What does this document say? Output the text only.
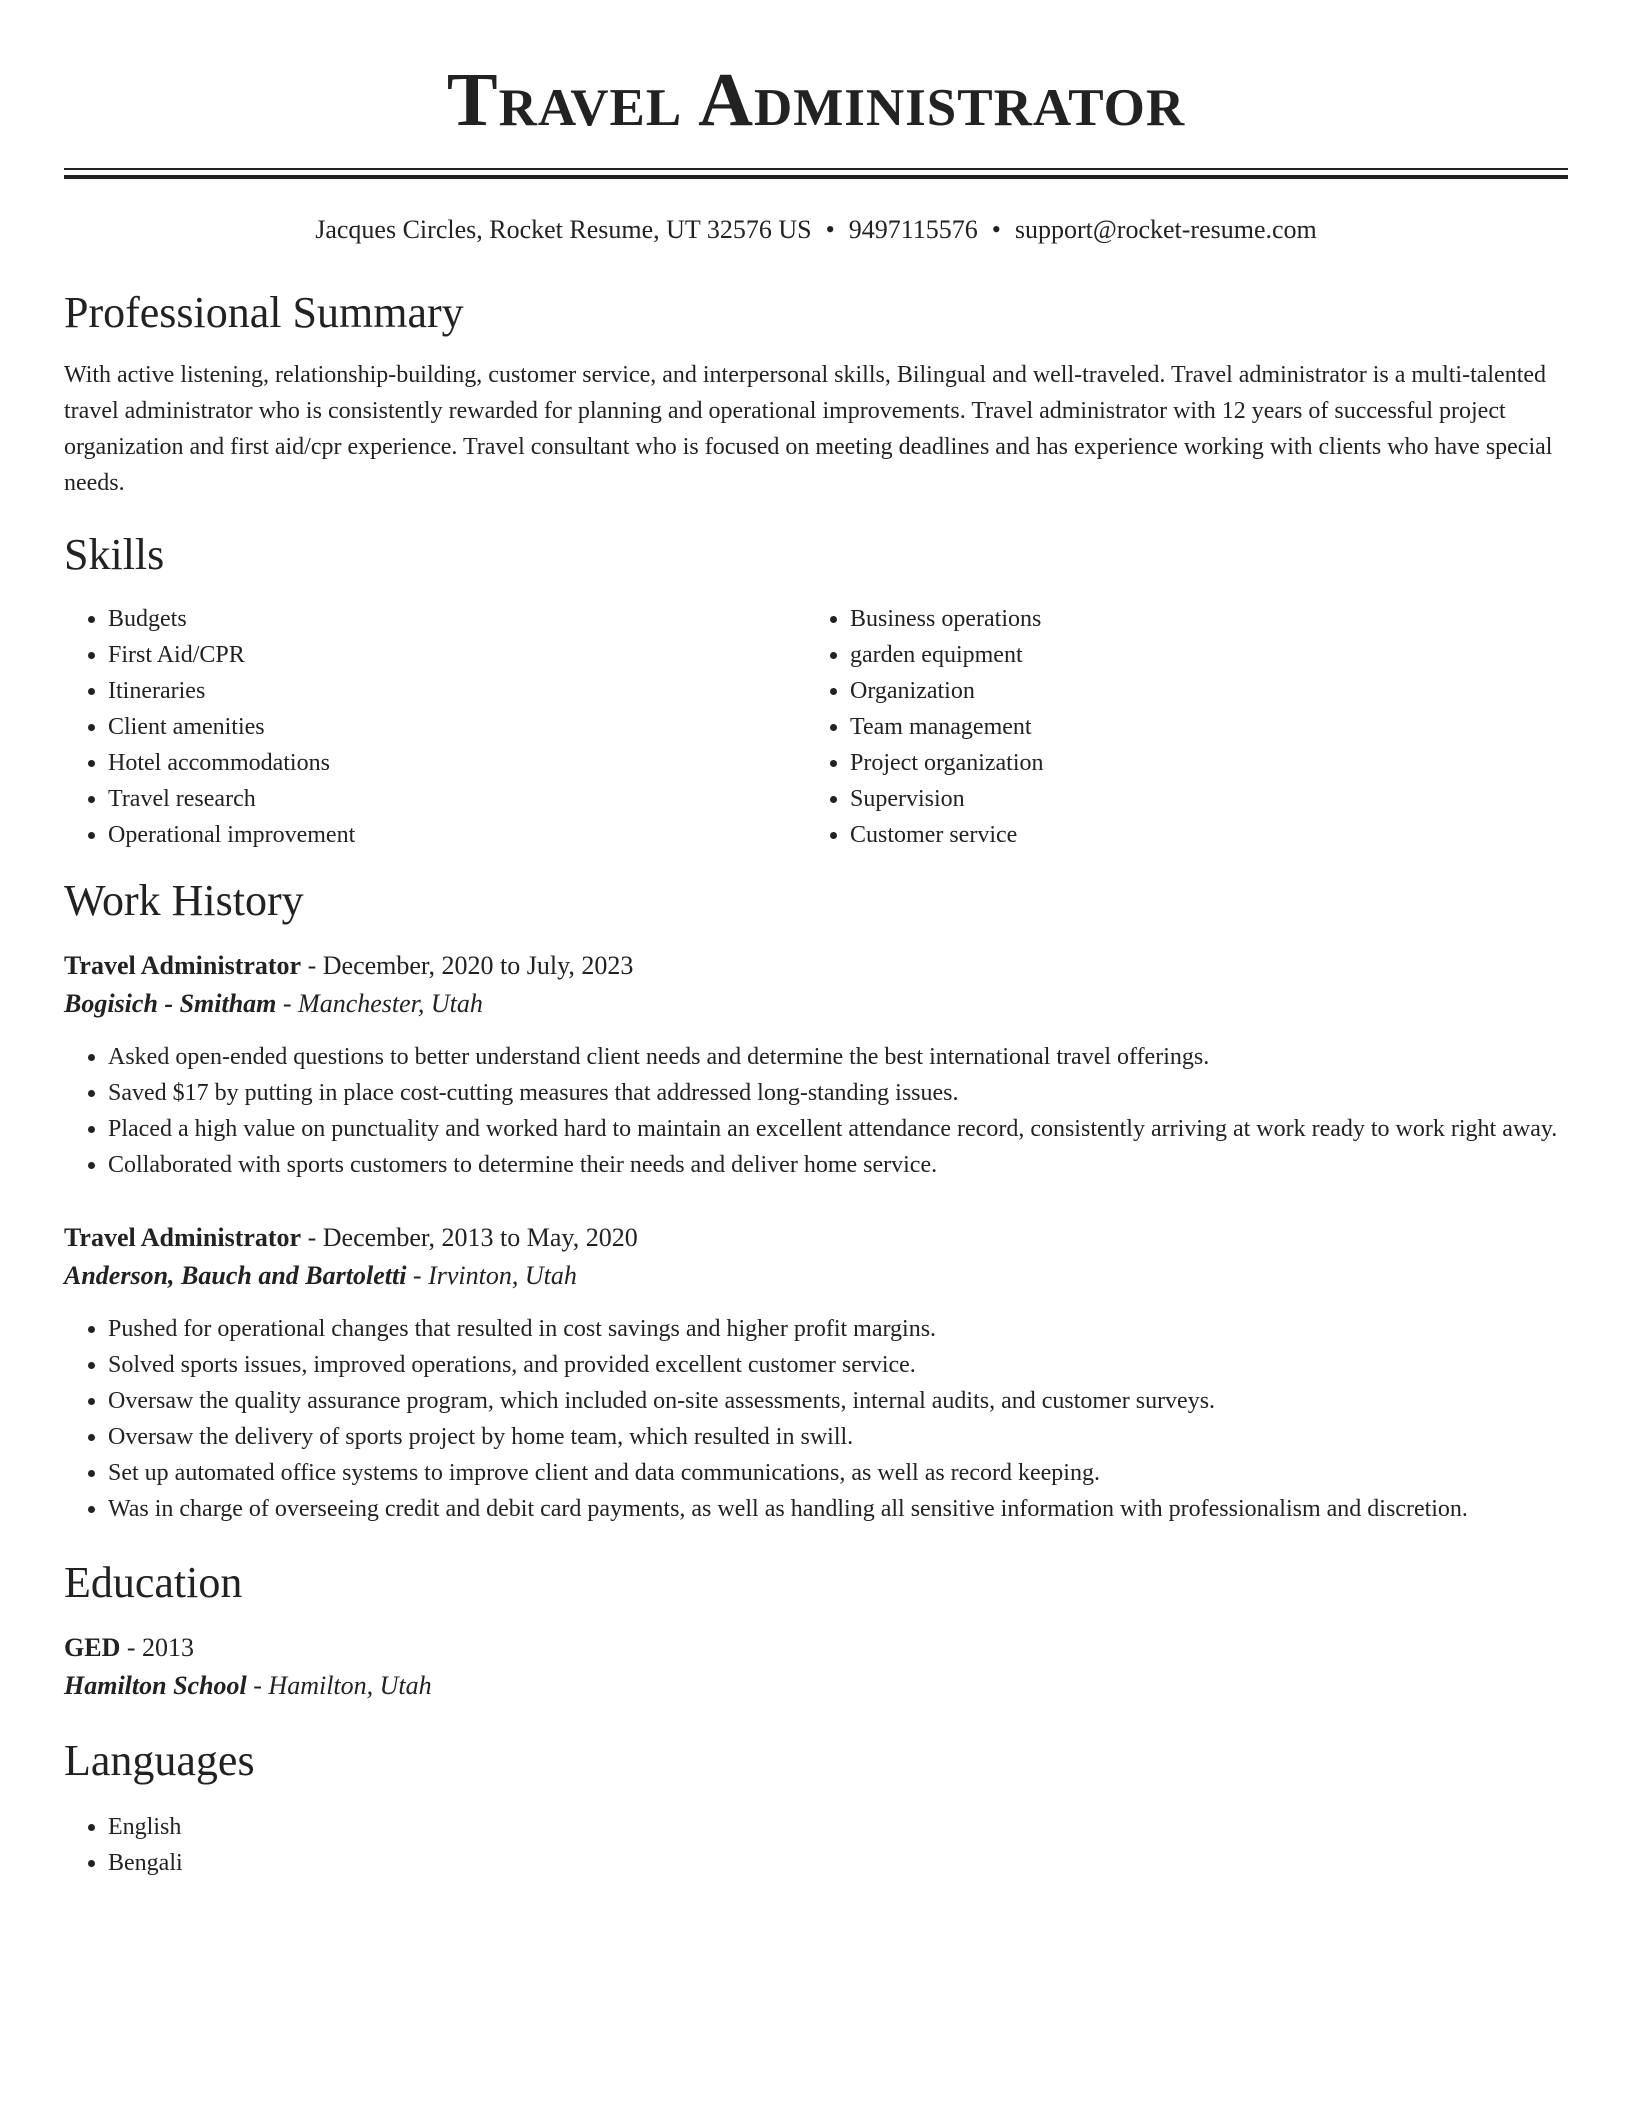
Travel Administrator
Jacques Circles, Rocket Resume, UT 32576 US • 9497115576 • support@rocket-resume.com
Professional Summary
With active listening, relationship-building, customer service, and interpersonal skills, Bilingual and well-traveled. Travel administrator is a multi-talented travel administrator who is consistently rewarded for planning and operational improvements. Travel administrator with 12 years of successful project organization and first aid/cpr experience. Travel consultant who is focused on meeting deadlines and has experience working with clients who have special needs.
Skills
• Budgets
• First Aid/CPR
• Itineraries
• Client amenities
• Hotel accommodations
• Travel research
• Operational improvement
• Business operations
• garden equipment
• Organization
• Team management
• Project organization
• Supervision
• Customer service
Work History
Travel Administrator - December, 2020 to July, 2023
Bogisich - Smitham - Manchester, Utah
• Asked open-ended questions to better understand client needs and determine the best international travel offerings.
• Saved $17 by putting in place cost-cutting measures that addressed long-standing issues.
• Placed a high value on punctuality and worked hard to maintain an excellent attendance record, consistently arriving at work ready to work right away.
• Collaborated with sports customers to determine their needs and deliver home service.
Travel Administrator - December, 2013 to May, 2020
Anderson, Bauch and Bartoletti - Irvinton, Utah
• Pushed for operational changes that resulted in cost savings and higher profit margins.
• Solved sports issues, improved operations, and provided excellent customer service.
• Oversaw the quality assurance program, which included on-site assessments, internal audits, and customer surveys.
• Oversaw the delivery of sports project by home team, which resulted in swill.
• Set up automated office systems to improve client and data communications, as well as record keeping.
• Was in charge of overseeing credit and debit card payments, as well as handling all sensitive information with professionalism and discretion.
Education
GED - 2013
Hamilton School - Hamilton, Utah
Languages
• English
• Bengali
